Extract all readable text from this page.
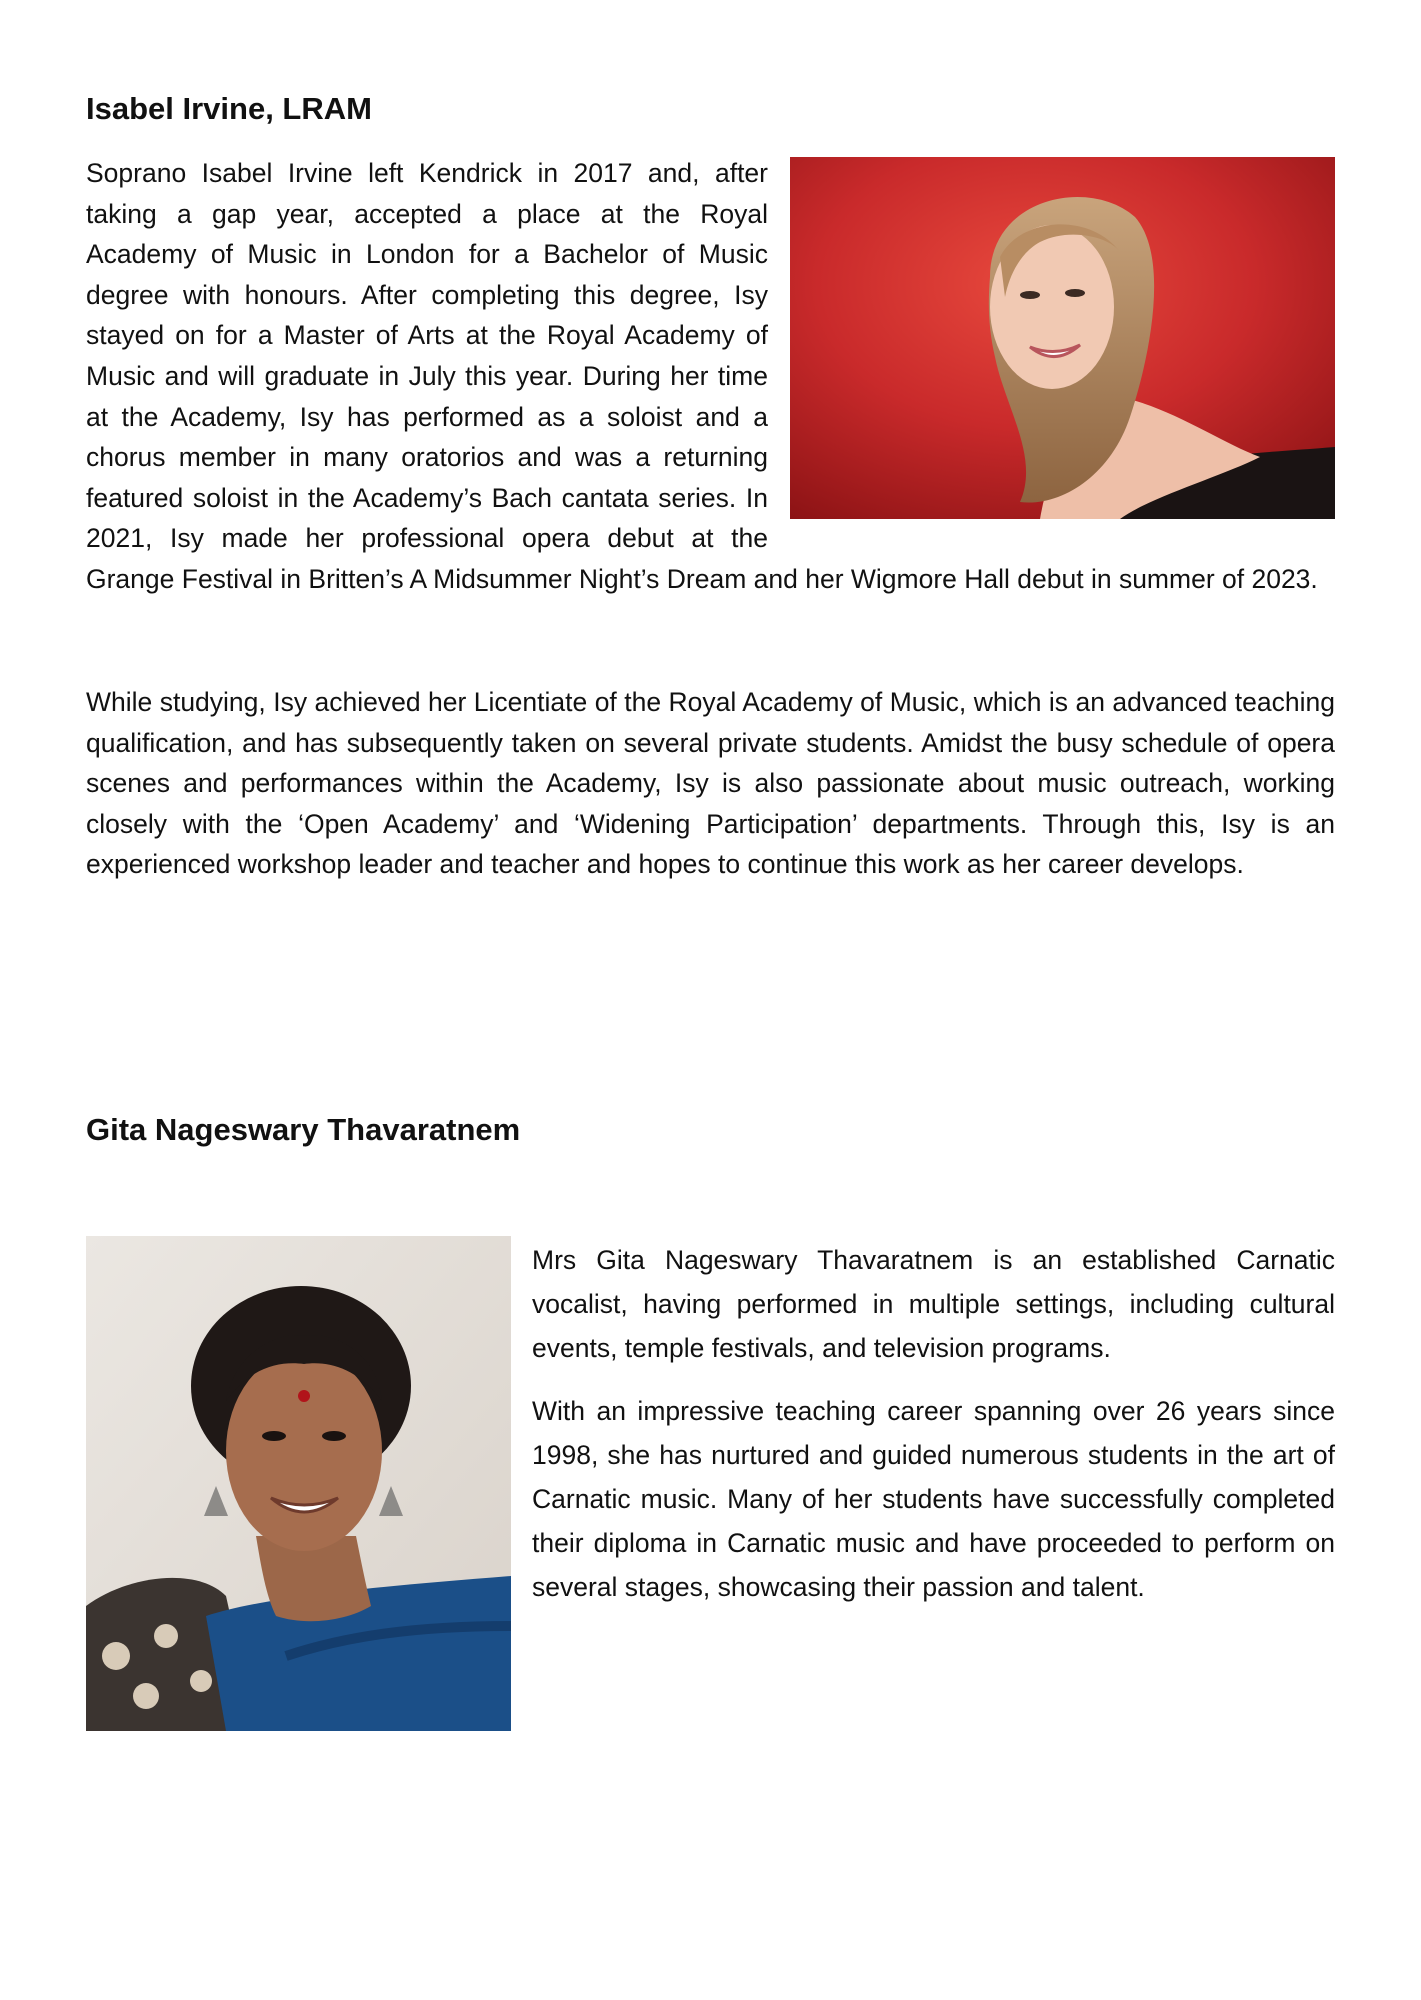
Isabel Irvine, LRAM

Soprano Isabel Irvine left Kendrick in 2017 and, after taking a gap year, accepted a place at the Royal Academy of Music in London for a Bachelor of Music degree with honours. After completing this degree, Isy stayed on for a Master of Arts at the Royal Academy of Music and will graduate in July this year. During her time at the Academy, Isy has performed as a soloist and a chorus member in many oratorios and was a returning featured soloist in the Academy’s Bach cantata series. In 2021, Isy made her professional opera debut at the Grange Festival in Britten’s A Midsummer Night’s Dream and her Wigmore Hall debut in summer of 2023.

While studying, Isy achieved her Licentiate of the Royal Academy of Music, which is an advanced teaching qualification, and has subsequently taken on several private students. Amidst the busy schedule of opera scenes and performances within the Academy, Isy is also passionate about music outreach, working closely with the ‘Open Academy’ and ‘Widening Participation’ departments. Through this, Isy is an experienced workshop leader and teacher and hopes to continue this work as her career develops.

Gita Nageswary Thavaratnem

Mrs Gita Nageswary Thavaratnem is an established Carnatic vocalist, having performed in multiple settings, including cultural events, temple festivals, and television programs.

With an impressive teaching career spanning over 26 years since 1998, she has nurtured and guided numerous students in the art of Carnatic music. Many of her students have successfully completed their diploma in Carnatic music and have proceeded to perform on several stages, showcasing their passion and talent.
